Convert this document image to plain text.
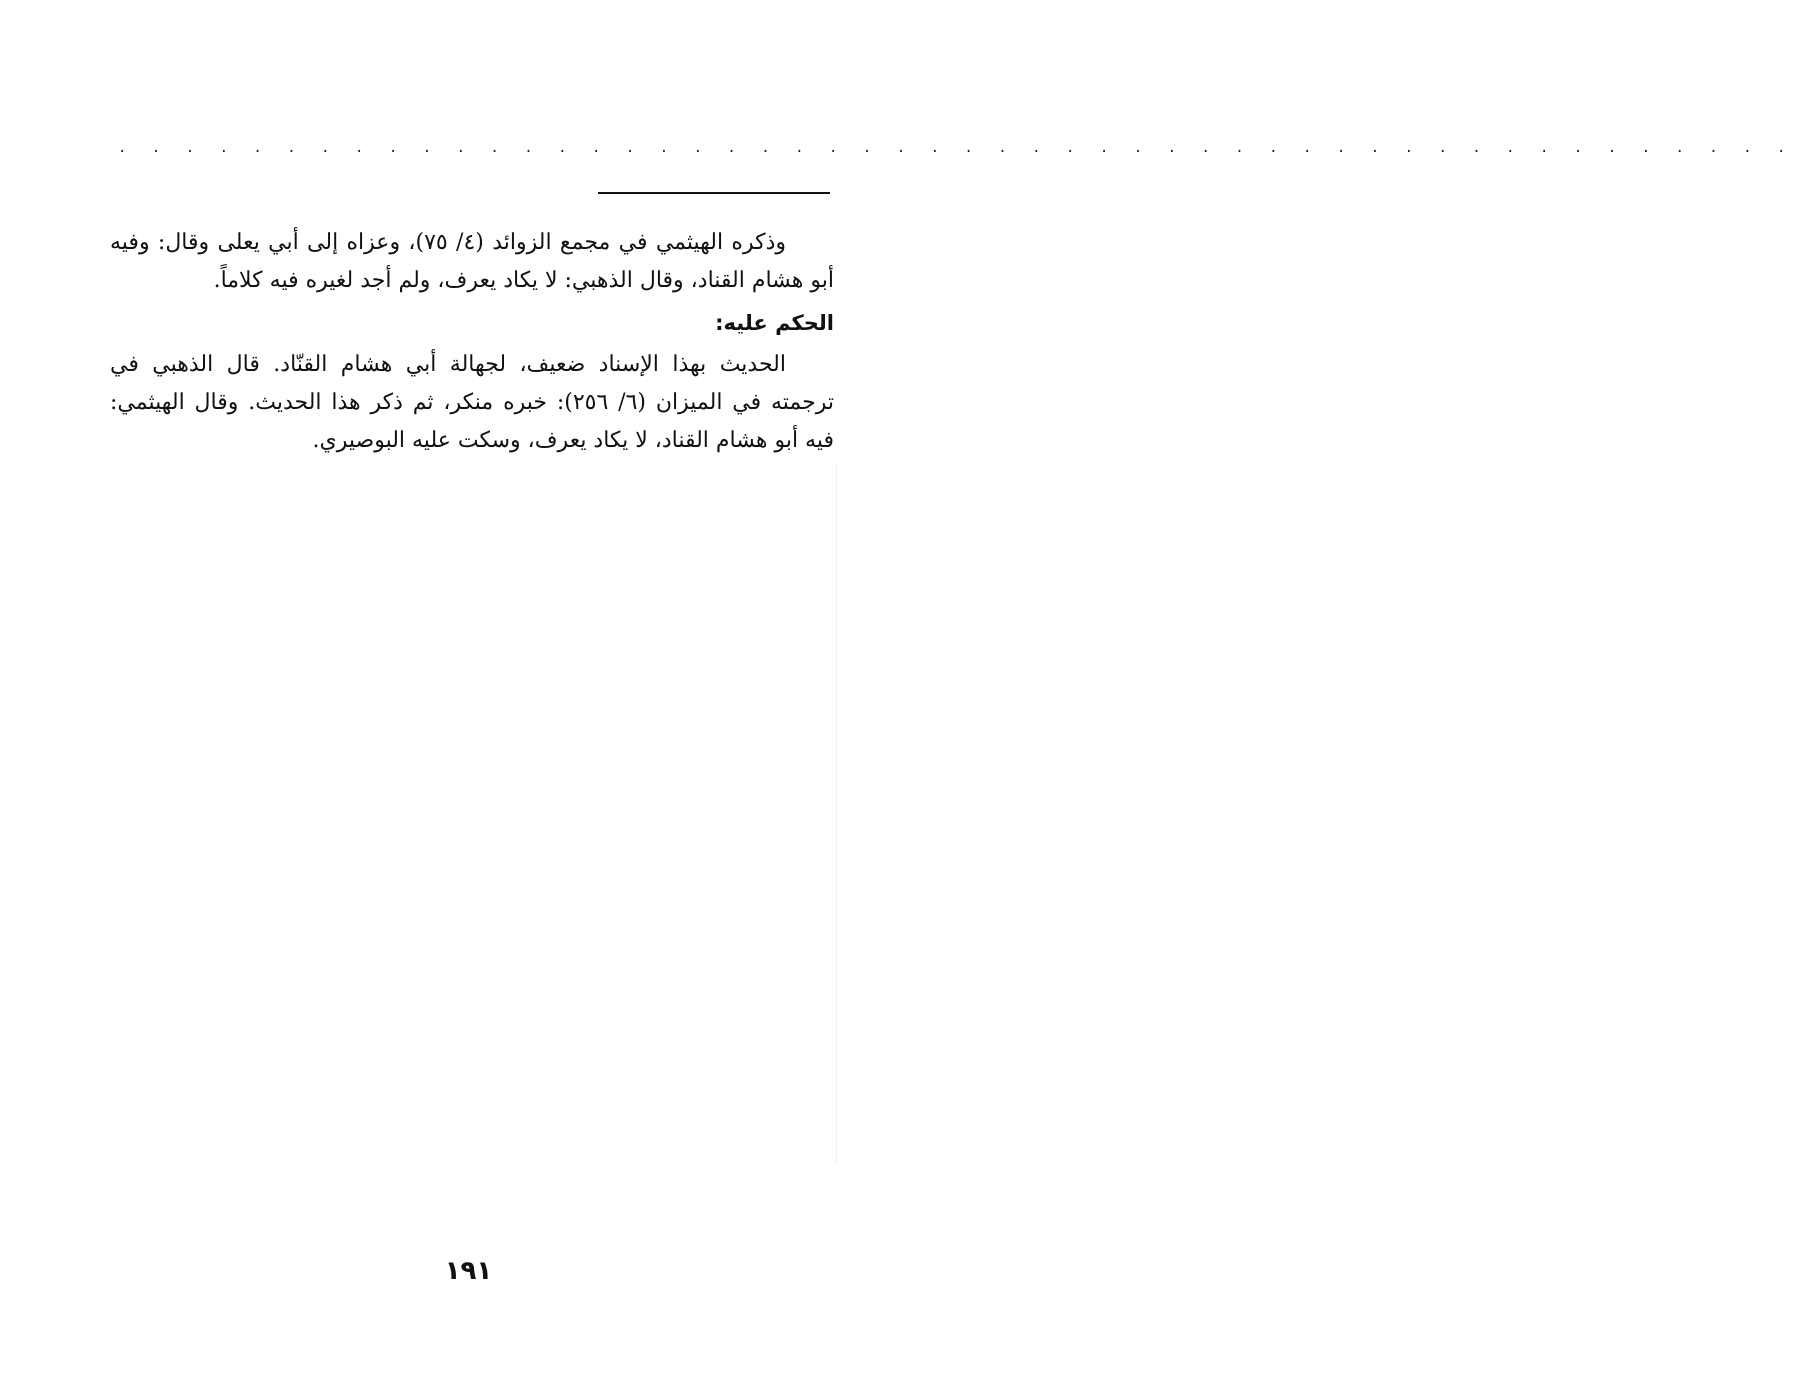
. . . . . . . . . . . . . . . . . . . . . . . . . . . . . . . . . . . . . . . . . . . . . . . . . .

وذكره الهيثمي في مجمع الزوائد (٤/ ٧٥)، وعزاه إلى أبي يعلى وقال: وفيه أبو هشام القناد، وقال الذهبي: لا يكاد يعرف، ولم أجد لغيره فيه كلاماً.

الحكم عليه:

الحديث بهذا الإسناد ضعيف، لجهالة أبي هشام القنّاد. قال الذهبي في ترجمته في الميزان (٦/ ٢٥٦): خبره منكر، ثم ذكر هذا الحديث. وقال الهيثمي: فيه أبو هشام القناد، لا يكاد يعرف، وسكت عليه البوصيري.

١٩١
